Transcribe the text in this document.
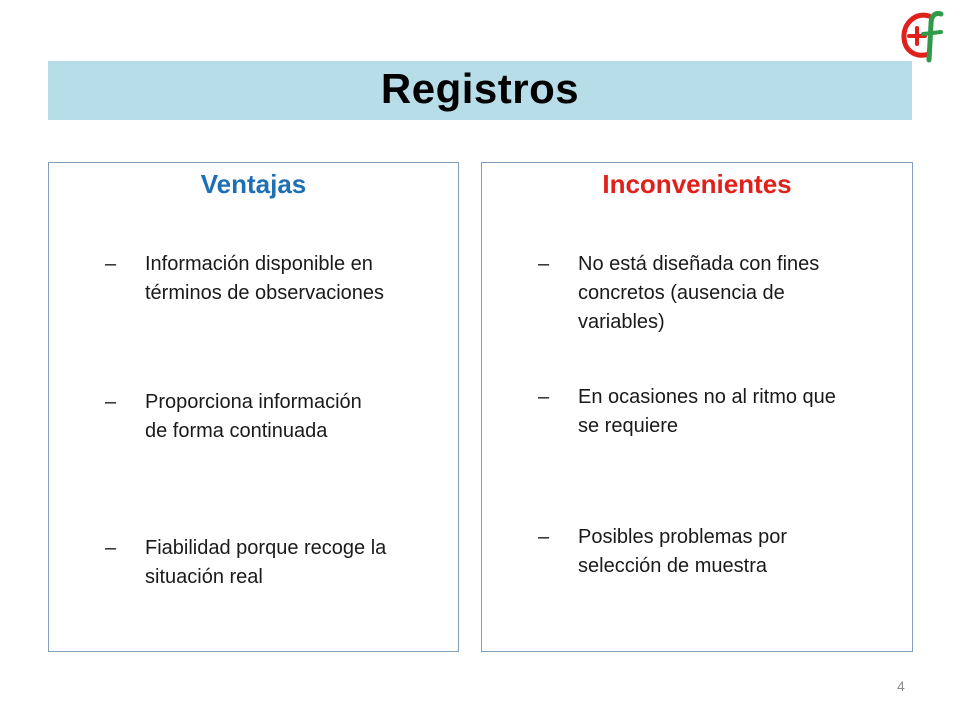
Registros
Ventajas
– Información disponible en
términos de observaciones
– Proporciona información
de forma continuada
– Fiabilidad porque recoge la
situación real
Inconvenientes
– No está diseñada con fines
concretos (ausencia de
variables)
– En ocasiones no al ritmo que
se requiere
– Posibles problemas por
selección de muestra
4
